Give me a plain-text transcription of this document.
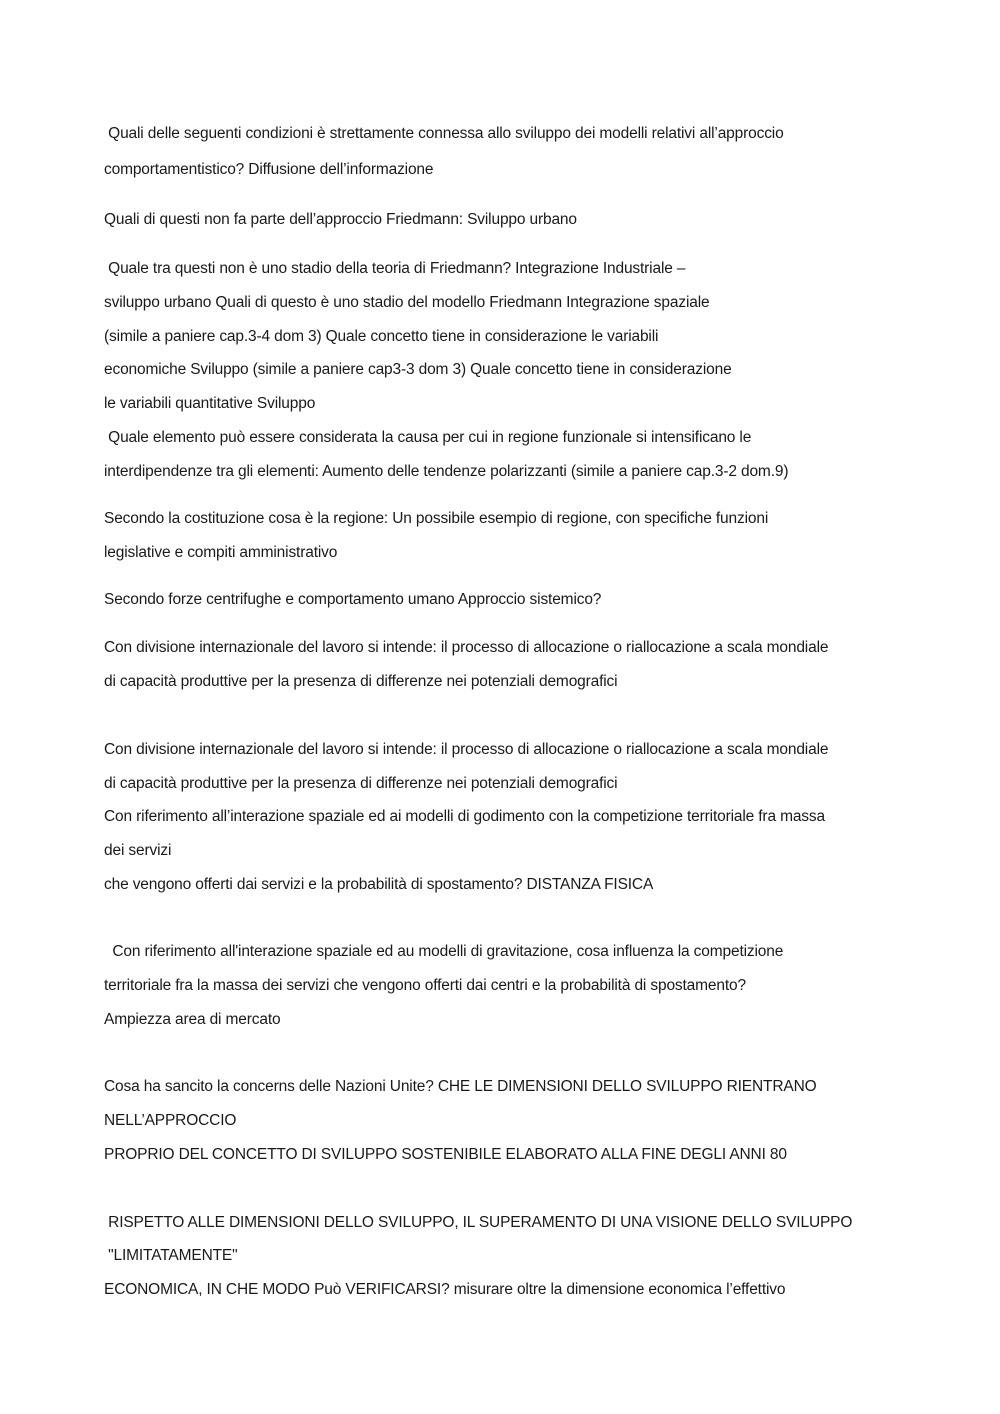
Quali delle seguenti condizioni è strettamente connessa allo sviluppo dei modelli relativi all’approccio

comportamentistico? Diffusione dell’informazione

Quali di questi non fa parte dell’approccio Friedmann: Sviluppo urbano

Quale tra questi non è uno stadio della teoria di Friedmann? Integrazione Industriale –

sviluppo urbano Quali di questo è uno stadio del modello Friedmann Integrazione spaziale

(simile a paniere cap.3-4 dom 3) Quale concetto tiene in considerazione le variabili

economiche Sviluppo (simile a paniere cap3-3 dom 3) Quale concetto tiene in considerazione

le variabili quantitative Sviluppo

Quale elemento può essere considerata la causa per cui in regione funzionale si intensificano le

interdipendenze tra gli elementi: Aumento delle tendenze polarizzanti (simile a paniere cap.3-2 dom.9)

Secondo la costituzione cosa è la regione: Un possibile esempio di regione, con specifiche funzioni

legislative e compiti amministrativo

Secondo forze centrifughe e comportamento umano Approccio sistemico?

Con divisione internazionale del lavoro si intende: il processo di allocazione o riallocazione a scala mondiale

di capacità produttive per la presenza di differenze nei potenziali demografici

Con divisione internazionale del lavoro si intende: il processo di allocazione o riallocazione a scala mondiale

di capacità produttive per la presenza di differenze nei potenziali demografici

Con riferimento all’interazione spaziale ed ai modelli di godimento con la competizione territoriale fra massa

dei servizi

che vengono offerti dai servizi e la probabilità di spostamento? DISTANZA FISICA

Con riferimento all'interazione spaziale ed au modelli di gravitazione, cosa influenza la competizione

territoriale fra la massa dei servizi che vengono offerti dai centri e la probabilità di spostamento?

Ampiezza area di mercato

Cosa ha sancito la concerns delle Nazioni Unite? CHE LE DIMENSIONI DELLO SVILUPPO RIENTRANO

NELL’APPROCCIO

PROPRIO DEL CONCETTO DI SVILUPPO SOSTENIBILE ELABORATO ALLA FINE DEGLI ANNI 80

RISPETTO ALLE DIMENSIONI DELLO SVILUPPO, IL SUPERAMENTO DI UNA VISIONE DELLO SVILUPPO

"LIMITATAMENTE"

ECONOMICA, IN CHE MODO Può VERIFICARSI? misurare oltre la dimensione economica l’effettivo
